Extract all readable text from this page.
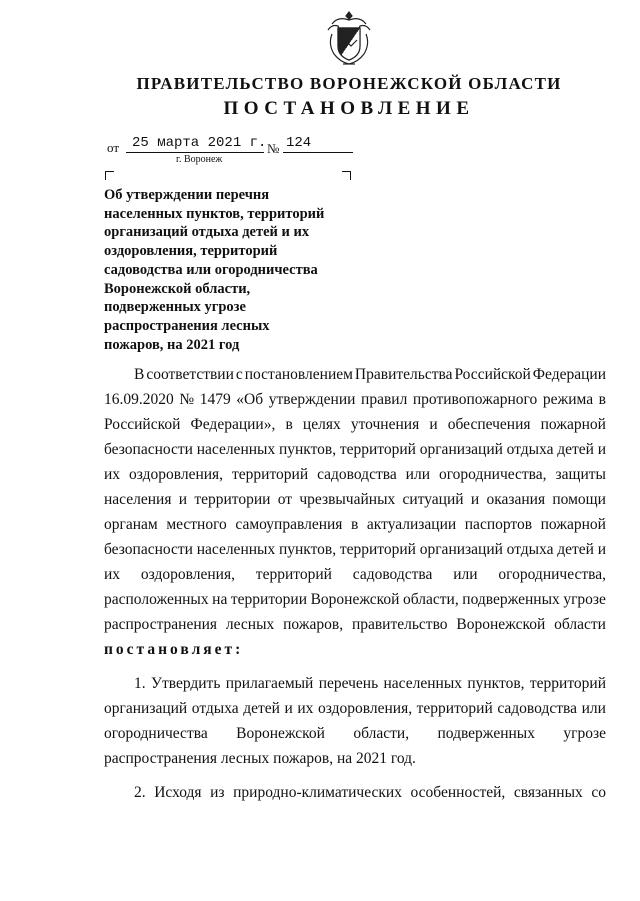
ПРАВИТЕЛЬСТВО ВОРОНЕЖСКОЙ ОБЛАСТИ
ПОСТАНОВЛЕНИЕ
от 25 марта 2021 г. № 124
г. Воронеж
Об утверждении перечня
населенных пунктов, территорий
организаций отдыха детей и их
оздоровления, территорий
садоводства или огородничества
Воронежской области,
подверженных угрозе
распространения лесных
пожаров, на 2021 год
В соответствии с постановлением Правительства Российской Федерации
16.09.2020 № 1479 «Об утверждении правил противопожарного режима в
Российской Федерации», в целях уточнения и обеспечения пожарной
безопасности населенных пунктов, территорий организаций отдыха детей и
их оздоровления, территорий садоводства или огородничества, защиты
населения и территории от чрезвычайных ситуаций и оказания помощи
органам местного самоуправления в актуализации паспортов пожарной
безопасности населенных пунктов, территорий организаций отдыха детей и
их оздоровления, территорий садоводства или огородничества,
расположенных на территории Воронежской области, подверженных угрозе
распространения лесных пожаров, правительство Воронежской области
постановляет:
1. Утвердить прилагаемый перечень населенных пунктов, территорий
организаций отдыха детей и их оздоровления, территорий садоводства или
огородничества Воронежской области, подверженных угрозе
распространения лесных пожаров, на 2021 год.
2. Исходя из природно-климатических особенностей, связанных со
